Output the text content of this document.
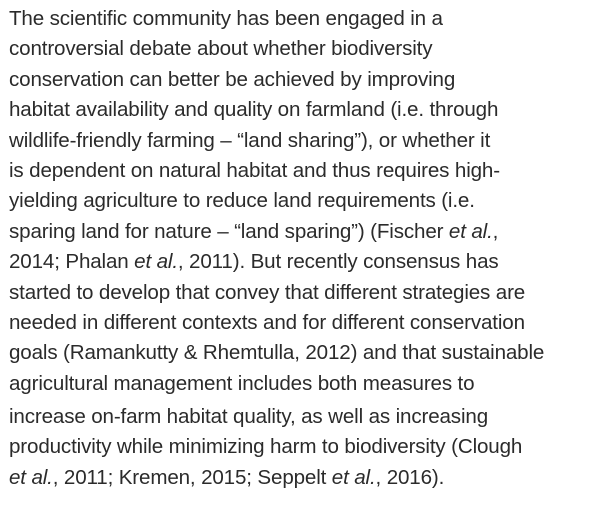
The scientific community has been engaged in a
controversial debate about whether biodiversity
conservation can better be achieved by improving
habitat availability and quality on farmland (i.e. through
wildlife-friendly farming – “land sharing”), or whether it
is dependent on natural habitat and thus requires high-
yielding agriculture to reduce land requirements (i.e.
sparing land for nature – “land sparing”) (Fischer et al.,
2014; Phalan et al., 2011). But recently consensus has
started to develop that convey that different strategies are
needed in different contexts and for different conservation
goals (Ramankutty & Rhemtulla, 2012) and that sustainable
agricultural management includes both measures to
increase on-farm habitat quality, as well as increasing
productivity while minimizing harm to biodiversity (Clough
et al., 2011; Kremen, 2015; Seppelt et al., 2016).
